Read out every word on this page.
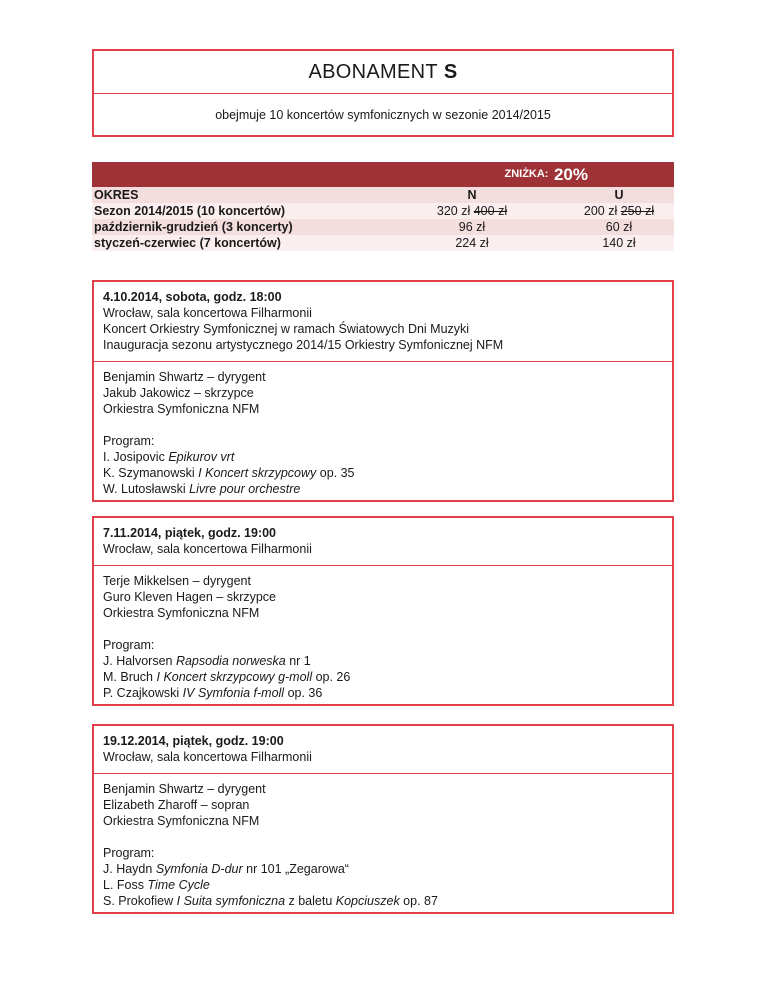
ABONAMENT S
obejmuje 10 koncertów symfonicznych w sezonie 2014/2015
ZNIŻKA: 20%
OKRES	N	U
Sezon 2014/2015 (10 koncertów)	320 zł 400 zł	200 zł 250 zł
październik-grudzień (3 koncerty)	96 zł	60 zł
styczeń-czerwiec (7 koncertów)	224 zł	140 zł
4.10.2014, sobota, godz. 18:00
Wrocław, sala koncertowa Filharmonii
Koncert Orkiestry Symfonicznej w ramach Światowych Dni Muzyki
Inauguracja sezonu artystycznego 2014/15 Orkiestry Symfonicznej NFM
Benjamin Shwartz – dyrygent
Jakub Jakowicz – skrzypce
Orkiestra Symfoniczna NFM
Program:
I. Josipovic Epikurov vrt
K. Szymanowski I Koncert skrzypcowy op. 35
W. Lutosławski Livre pour orchestre
7.11.2014, piątek, godz. 19:00
Wrocław, sala koncertowa Filharmonii
Terje Mikkelsen – dyrygent
Guro Kleven Hagen – skrzypce
Orkiestra Symfoniczna NFM
Program:
J. Halvorsen Rapsodia norweska nr 1
M. Bruch I Koncert skrzypcowy g-moll op. 26
P. Czajkowski IV Symfonia f-moll op. 36
19.12.2014, piątek, godz. 19:00
Wrocław, sala koncertowa Filharmonii
Benjamin Shwartz – dyrygent
Elizabeth Zharoff – sopran
Orkiestra Symfoniczna NFM
Program:
J. Haydn Symfonia D-dur nr 101 „Zegarowa“
L. Foss Time Cycle
S. Prokofiew I Suita symfoniczna z baletu Kopciuszek op. 87
